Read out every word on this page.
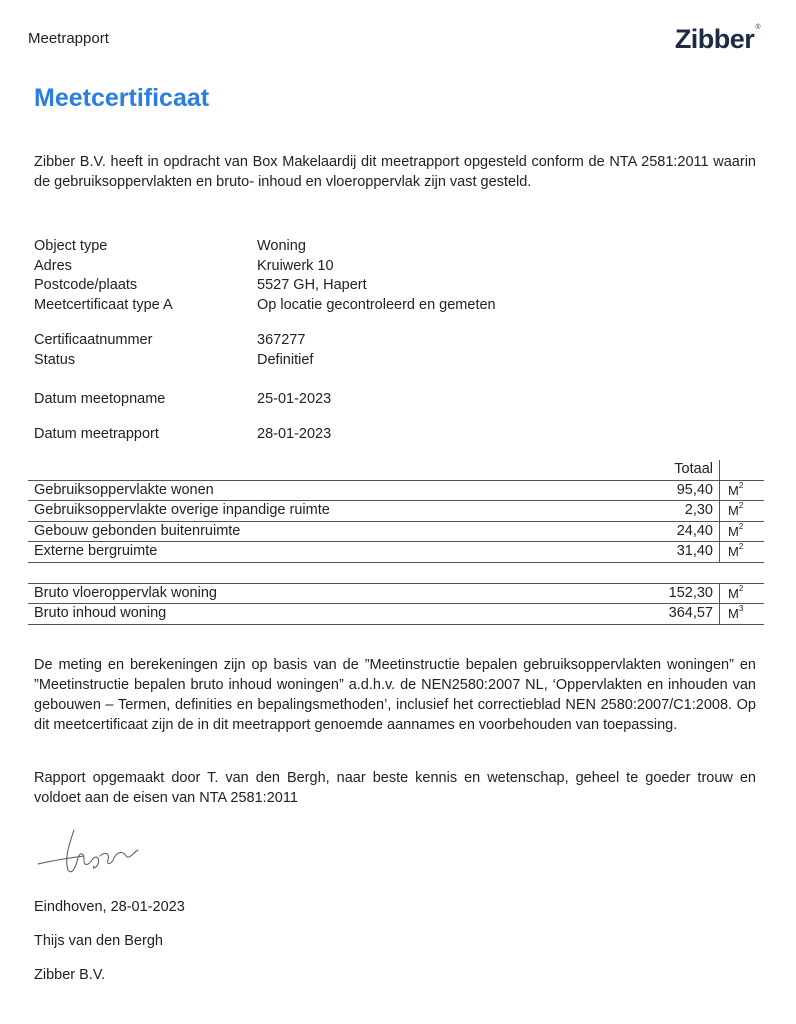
Meetrapport	Zibber®
Meetcertificaat

Zibber B.V. heeft in opdracht van Box Makelaardij dit meetrapport opgesteld conform de NTA 2581:2011 waarin de gebruiksoppervlakten en bruto- inhoud en vloeroppervlak zijn vast gesteld.

Object type	Woning
Adres	Kruiwerk 10
Postcode/plaats	5527 GH, Hapert
Meetcertificaat type A	Op locatie gecontroleerd en gemeten
Certificaatnummer	367277
Status	Definitief
Datum meetopname	25-01-2023
Datum meetrapport	28-01-2023
	Totaal	
Gebruiksoppervlakte wonen	95,40	$M^2$
Gebruiksoppervlakte overige inpandige ruimte	2,30	$M^2$
Gebouw gebonden buitenruimte	24,40	$M^2$
Externe bergruimte	31,40	$M^2$

Bruto vloeroppervlak woning	152,30	$M^2$
Bruto inhoud woning	364,57	$M^3$

De meting en berekeningen zijn op basis van de ”Meetinstructie bepalen gebruiksoppervlakten woningen” en ”Meetinstructie bepalen bruto inhoud woningen” a.d.h.v. de NEN2580:2007 NL, ‘Oppervlakten en inhouden van gebouwen – Termen, definities en bepalingsmethoden’, inclusief het correctieblad NEN 2580:2007/C1:2008. Op dit meetcertificaat zijn de in dit meetrapport genoemde aannames en voorbehouden van toepassing.

Rapport opgemaakt door T. van den Bergh, naar beste kennis en wetenschap, geheel te goeder trouw en voldoet aan de eisen van NTA 2581:2011

Eindhoven, 28-01-2023
Thijs van den Bergh
Zibber B.V.
